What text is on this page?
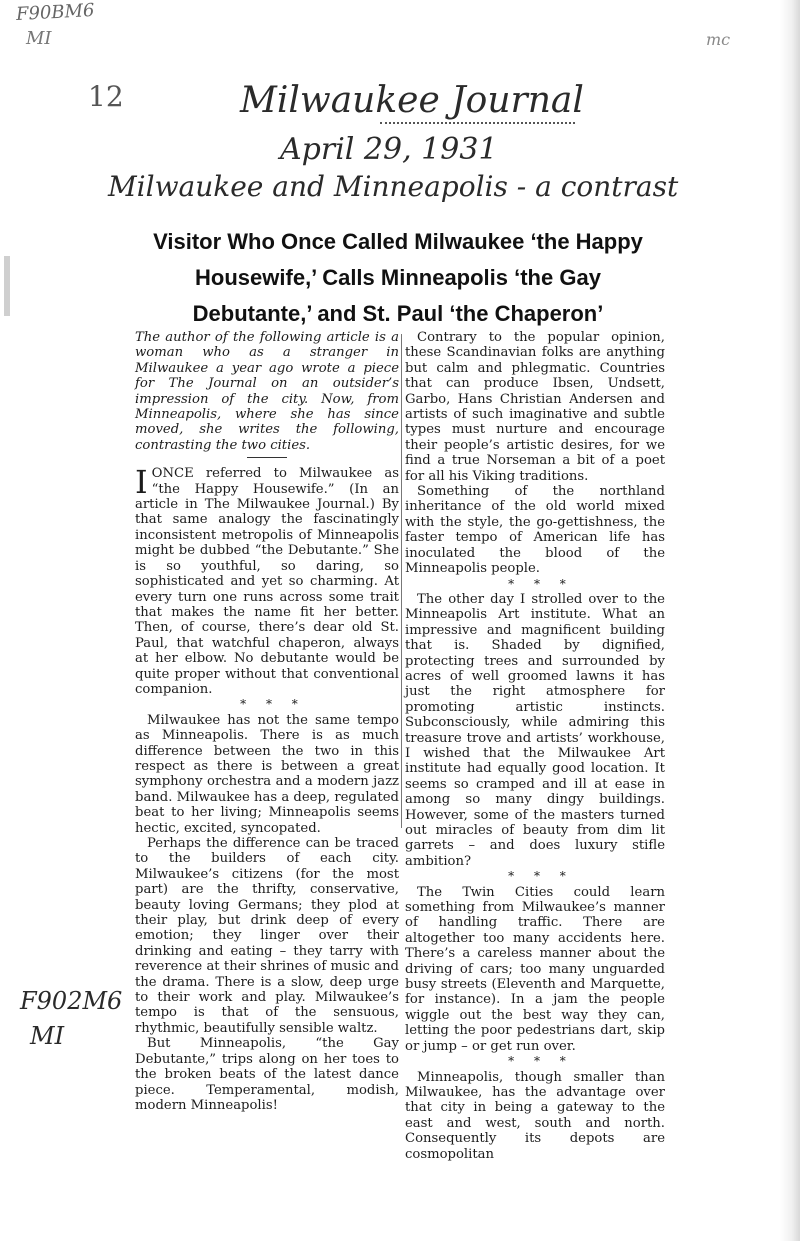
F90BM6
MI
12
mc
Milwaukee Journal
April 29, 1931
Milwaukee and Minneapolis - a contrast
F902M6
MI
Visitor Who Once Called Milwaukee ‘the Happy
Housewife,’ Calls Minneapolis ‘the Gay
Debutante,’ and St. Paul ‘the Chaperon’

The author of the following article is a woman who as a stranger in Milwaukee a year ago wrote a piece for The Journal on an outsider’s impression of the city. Now, from Minneapolis, where she has since moved, she writes the following, contrasting the two cities.

IONCE referred to Milwaukee as “the Happy Housewife.” (In an article in The Milwaukee Journal.) By that same analogy the fascinatingly inconsistent metropolis of Minneapolis might be dubbed “the Debutante.” She is so youthful, so daring, so sophisticated and yet so charming. At every turn one runs across some trait that makes the name fit her better. Then, of course, there’s dear old St. Paul, that watchful chaperon, always at her elbow. No debutante would be quite proper without that conventional companion.

* * *

Milwaukee has not the same tempo as Minneapolis. There is as much difference between the two in this respect as there is between a great symphony orchestra and a modern jazz band. Milwaukee has a deep, regulated beat to her living; Minneapolis seems hectic, excited, syncopated.

Perhaps the difference can be traced to the builders of each city. Milwaukee’s citizens (for the most part) are the thrifty, conservative, beauty loving Germans; they plod at their play, but drink deep of every emotion; they linger over their drinking and eating – they tarry with reverence at their shrines of music and the drama. There is a slow, deep urge to their work and play. Milwaukee’s tempo is that of the sensuous, rhythmic, beautifully sensible waltz.

But Minneapolis, “the Gay Debutante,” trips along on her toes to the broken beats of the latest dance piece. Temperamental, modish, modern Minneapolis!

Contrary to the popular opinion, these Scandinavian folks are anything but calm and phlegmatic. Countries that can produce Ibsen, Undsett, Garbo, Hans Christian Andersen and artists of such imaginative and subtle types must nurture and encourage their people’s artistic desires, for we find a true Norseman a bit of a poet for all his Viking traditions.

Something of the northland inheritance of the old world mixed with the style, the go-gettishness, the faster tempo of American life has inoculated the blood of the Minneapolis people.

* * *

The other day I strolled over to the Minneapolis Art institute. What an impressive and magnificent building that is. Shaded by dignified, protecting trees and surrounded by acres of well groomed lawns it has just the right atmosphere for promoting artistic instincts. Subconsciously, while admiring this treasure trove and artists’ workhouse, I wished that the Milwaukee Art institute had equally good location. It seems so cramped and ill at ease in among so many dingy buildings. However, some of the masters turned out miracles of beauty from dim lit garrets – and does luxury stifle ambition?

* * *

The Twin Cities could learn something from Milwaukee’s manner of handling traffic. There are altogether too many accidents here. There’s a careless manner about the driving of cars; too many unguarded busy streets (Eleventh and Marquette, for instance). In a jam the people wiggle out the best way they can, letting the poor pedestrians dart, skip or jump – or get run over.

* * *

Minneapolis, though smaller than Milwaukee, has the advantage over that city in being a gateway to the east and west, south and north. Consequently its depots are cosmopolitan
